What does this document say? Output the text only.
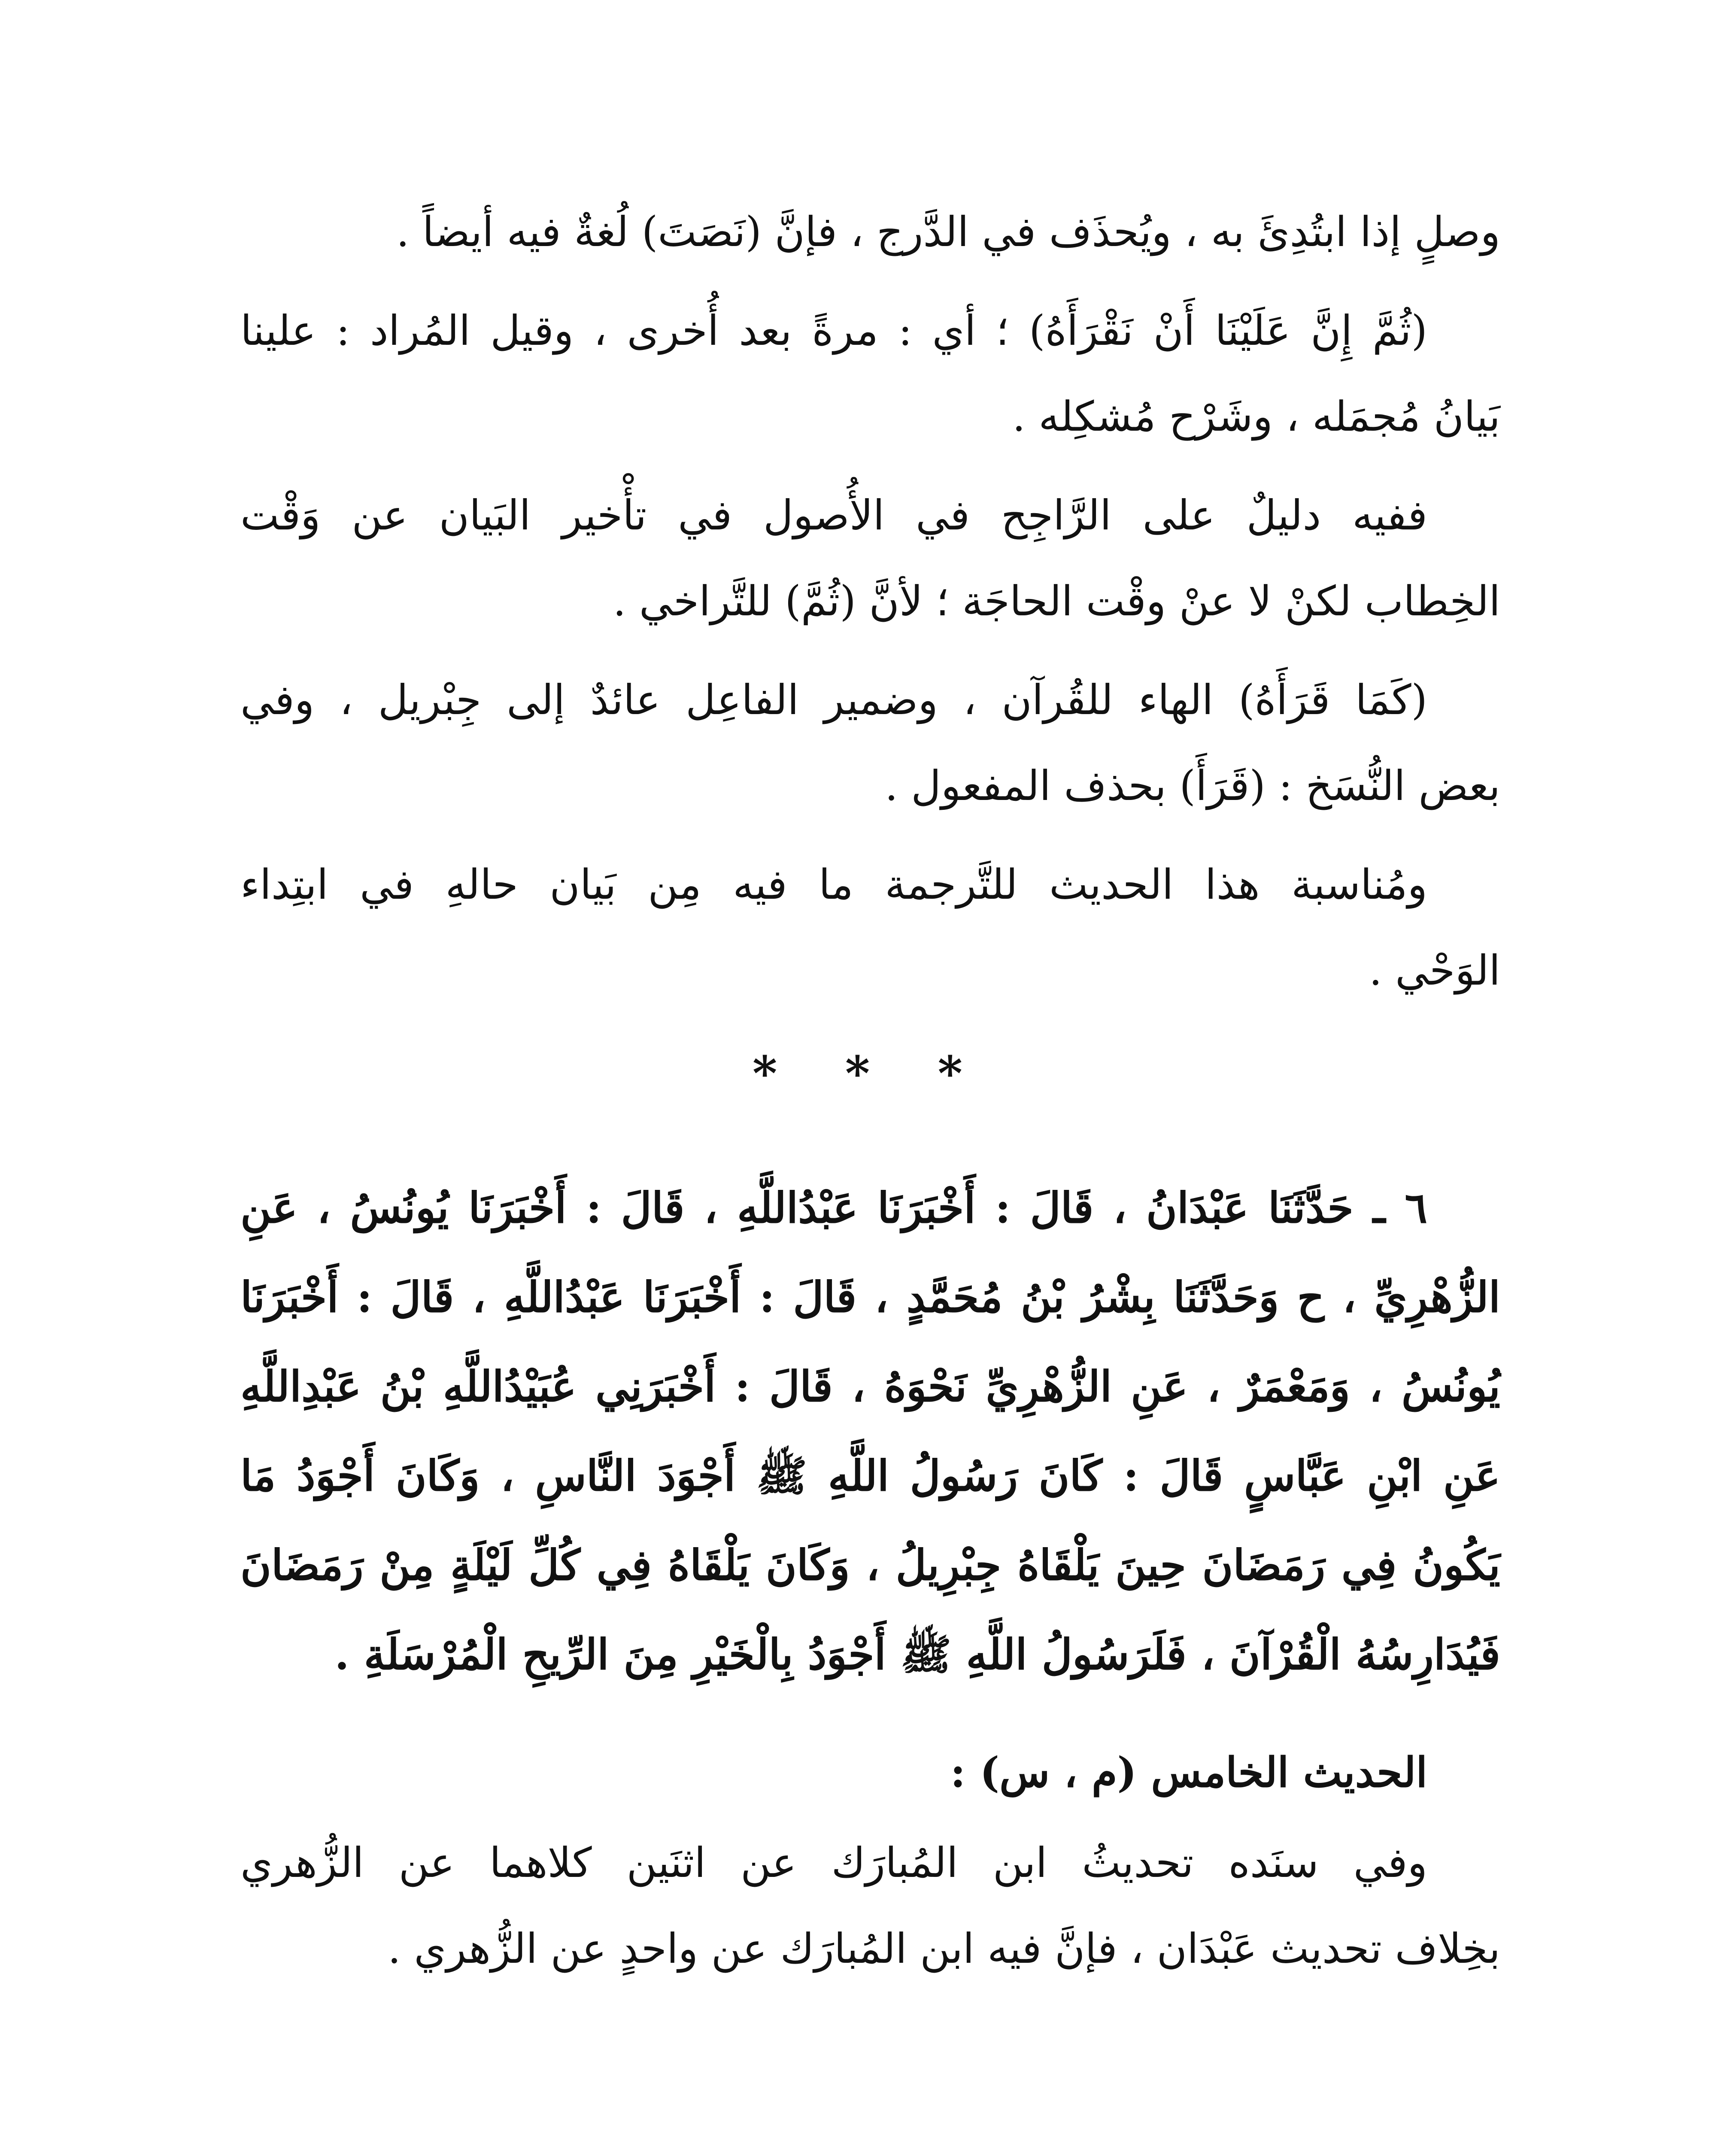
وصلٍ إذا ابتُدِئَ به ، ويُحذَف في الدَّرج ، فإنَّ (نَصَتَ) لُغةٌ فيه أيضاً .
(ثُمَّ إِنَّ عَلَيْنَا أَنْ نَقْرَأَهُ) ؛ أي : مرةً بعد أُخرى ، وقيل المُراد : علينا
بَيانُ مُجمَله ، وشَرْح مُشكِله .
ففيه دليلٌ على الرَّاجِح في الأُصول في تأْخير البَيان عن وَقْت
الخِطاب لكنْ لا عنْ وقْت الحاجَة ؛ لأنَّ (ثُمَّ) للتَّراخي .
(كَمَا قَرَأَهُ) الهاء للقُرآن ، وضمير الفاعِل عائدٌ إلى جِبْريل ، وفي
بعض النُّسَخ : (قَرَأَ) بحذف المفعول .
ومُناسبة هذا الحديث للتَّرجمة ما فيه مِن بَيان حالهِ في ابتِداء
الوَحْي .
* * *
٦ ـ حَدَّثَنَا عَبْدَانُ ، قَالَ : أَخْبَرَنَا عَبْدُاللَّهِ ، قَالَ : أَخْبَرَنَا يُونُسُ ، عَنِ
الزُّهْرِيِّ ، ح وَحَدَّثَنَا بِشْرُ بْنُ مُحَمَّدٍ ، قَالَ : أَخْبَرَنَا عَبْدُاللَّهِ ، قَالَ : أَخْبَرَنَا
يُونُسُ ، وَمَعْمَرٌ ، عَنِ الزُّهْرِيِّ نَحْوَهُ ، قَالَ : أَخْبَرَنِي عُبَيْدُاللَّهِ بْنُ عَبْدِاللَّهِ
عَنِ ابْنِ عَبَّاسٍ قَالَ : كَانَ رَسُولُ اللَّهِ ﷺ أَجْوَدَ النَّاسِ ، وَكَانَ أَجْوَدُ مَا
يَكُونُ فِي رَمَضَانَ حِينَ يَلْقَاهُ جِبْرِيلُ ، وَكَانَ يَلْقَاهُ فِي كُلِّ لَيْلَةٍ مِنْ رَمَضَانَ
فَيُدَارِسُهُ الْقُرْآنَ ، فَلَرَسُولُ اللَّهِ ﷺ أَجْوَدُ بِالْخَيْرِ مِنَ الرِّيحِ الْمُرْسَلَةِ .
الحديث الخامس (م ، س) :
وفي سنَده تحديثُ ابن المُبارَك عن اثنَين كلاهما عن الزُّهري
بخِلاف تحديث عَبْدَان ، فإنَّ فيه ابن المُبارَك عن واحدٍ عن الزُّهري .
